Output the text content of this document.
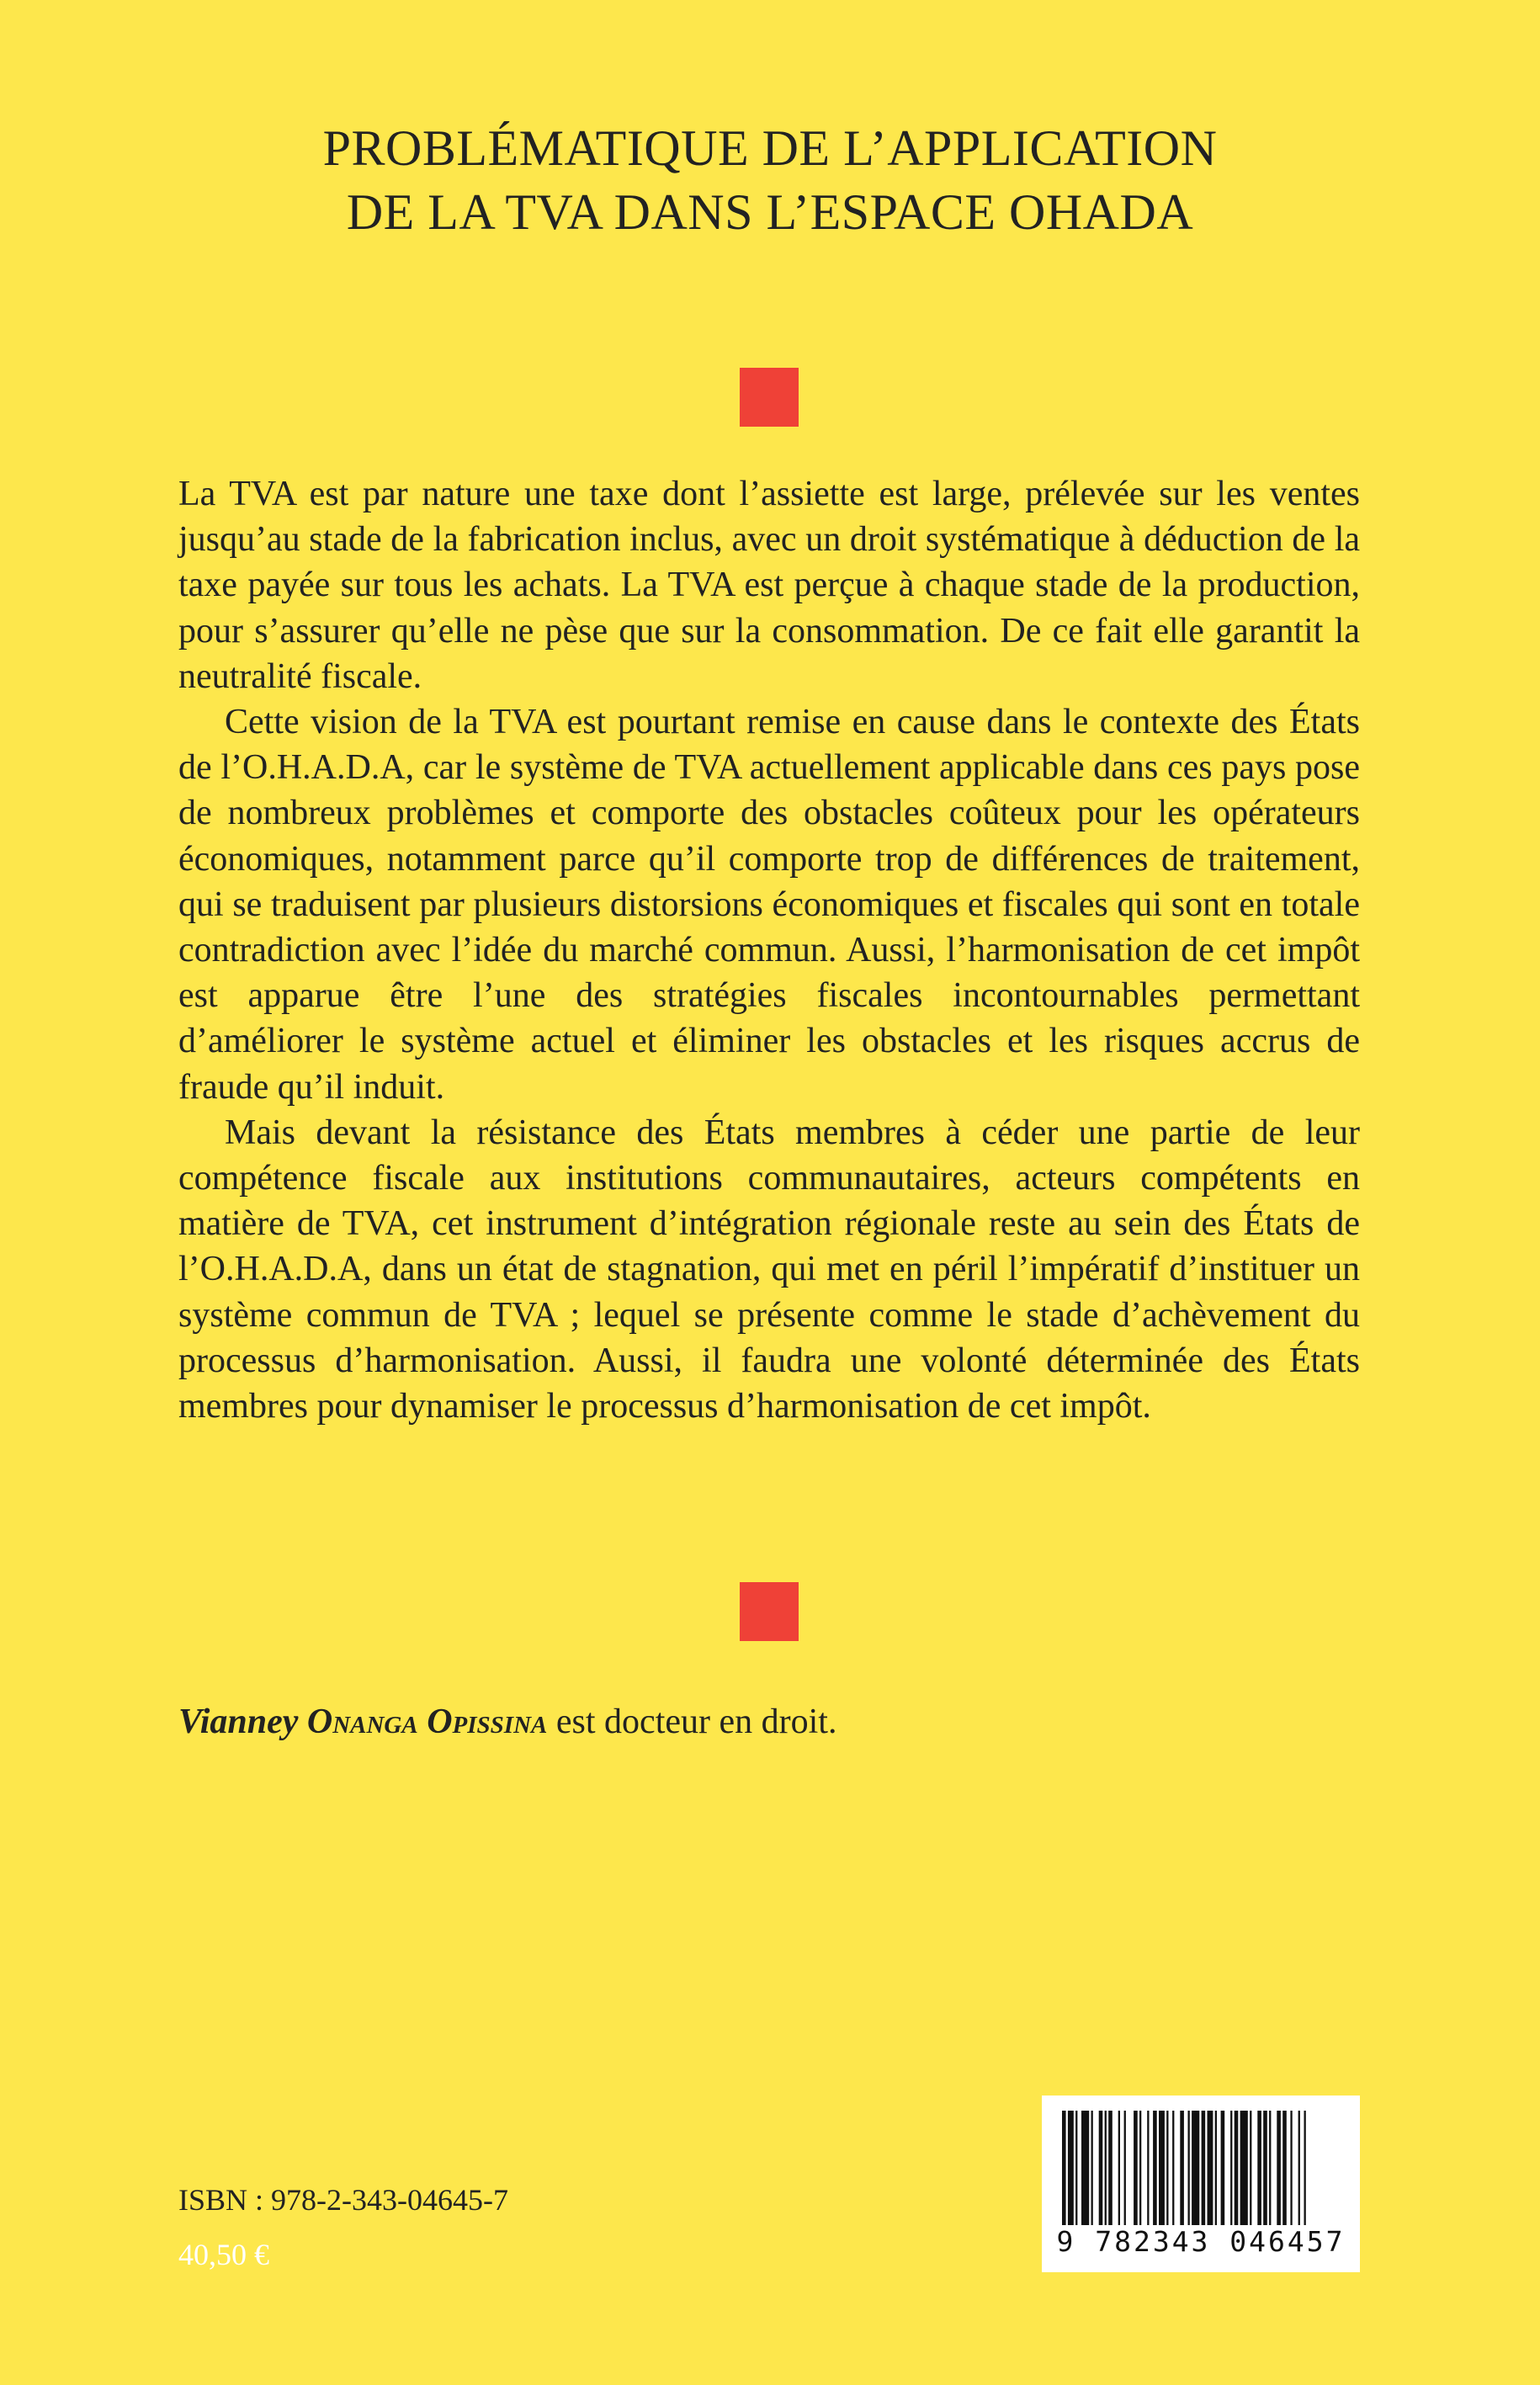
PROBLÉMATIQUE DE L’APPLICATION
DE LA TVA DANS L’ESPACE OHADA

La TVA est par nature une taxe dont l’assiette est large, prélevée sur les ventes jusqu’au stade de la fabrication inclus, avec un droit systématique à déduction de la taxe payée sur tous les achats. La TVA est perçue à chaque stade de la production, pour s’assurer qu’elle ne pèse que sur la consommation. De ce fait elle garantit la neutralité fiscale.

Cette vision de la TVA est pourtant remise en cause dans le contexte des États de l’O.H.A.D.A, car le système de TVA actuellement applicable dans ces pays pose de nombreux problèmes et comporte des obstacles coûteux pour les opérateurs économiques, notamment parce qu’il comporte trop de différences de traitement, qui se traduisent par plusieurs distorsions économiques et fiscales qui sont en totale contradiction avec l’idée du marché commun. Aussi, l’harmonisation de cet impôt est apparue être l’une des stratégies fiscales incontournables permettant d’améliorer le système actuel et éliminer les obstacles et les risques accrus de fraude qu’il induit.

Mais devant la résistance des États membres à céder une partie de leur compétence fiscale aux institutions communautaires, acteurs compétents en matière de TVA, cet instrument d’intégration régionale reste au sein des États de l’O.H.A.D.A, dans un état de stagnation, qui met en péril l’impératif d’instituer un système commun de TVA ; lequel se présente comme le stade d’achèvement du processus d’harmonisation. Aussi, il faudra une volonté déterminée des États membres pour dynamiser le processus d’harmonisation de cet impôt.

Vianney Onanga Opissina est docteur en droit.
ISBN : 978-2-343-04645-7
40,50 €	9 782343 046457
